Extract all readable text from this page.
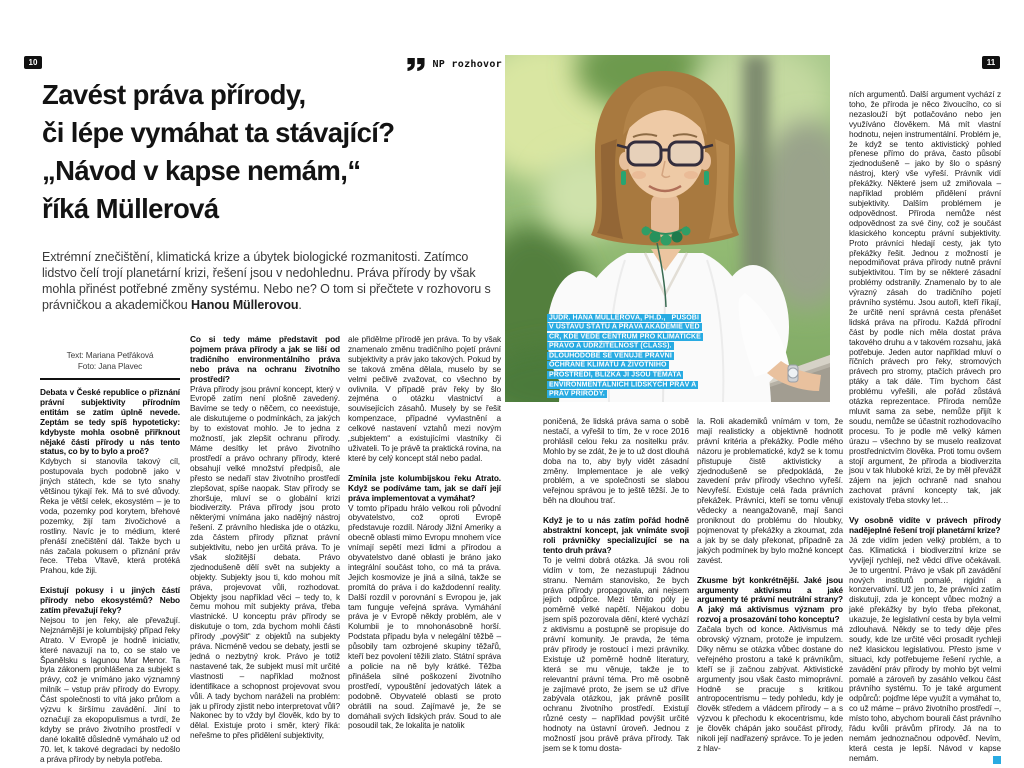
10	11
NP rozhovor
Zavést práva přírody,
či lépe vymáhat ta stávající?
„Návod v kapse nemám,“
říká Müllerová

Extrémní znečištění, klimatická krize a úbytek biologické rozmanitosti. Zatímco lidstvo čelí trojí planetární krizi, řešení jsou v nedohlednu. Práva přírody by však mohla přinést potřebné změny systému. Nebo ne? O tom si přečtete v rozhovoru s právničkou a akademičkou Hanou Müllerovou.

Text: Mariana Petřáková
Foto: Jana Plavec

Debata v České republice o přiznání právní subjektivity přírodním entitám se zatím úplně nevede. Zeptám se tedy spíš hypoteticky: kdybyste mohla osobně přiřknout nějaké části přírody u nás tento status, co by to bylo a proč?

Kdybych si stanovila takový cíl, postupovala bych podobně jako v jiných státech, kde se tyto snahy většinou týkají řek. Má to své důvody. Řeka je větší celek, ekosystém – je to voda, pozemky pod korytem, břehové pozemky, žijí tam živočichové a rostliny. Navíc je to médium, které přenáší znečištění dál. Takže bych u nás začala pokusem o přiznání práv řece. Třeba Vltavě, která protéká Prahou, kde žiji.

Existují pokusy i u jiných částí přírody nebo ekosystémů? Nebo zatím převažují řeky?

Nejsou to jen řeky, ale převažují. Nejznámější je kolumbijský případ řeky Atrato. V Evropě je hodně iniciativ, které navazují na to, co se stalo ve Španělsku s lagunou Mar Menor. Ta byla zákonem prohlášena za subjekt s právy, což je vnímáno jako významný milník – vstup práv přírody do Evropy. Část společnosti to vítá jako průlom a výzvu k širšímu zavádění. Jiní to označují za ekopopulismus a tvrdí, že kdyby se právo životního prostředí v dané lokalitě důsledně vymáhalo už od 70. let, k takové degradaci by nedošlo a práva přírody by nebyla potřeba.

Co si tedy máme představit pod pojmem práva přírody a jak se liší od tradičního environmentálního práva nebo práva na ochranu životního prostředí?

Práva přírody jsou právní koncept, který v Evropě zatím není plošně zavedený. Bavíme se tedy o něčem, co neexistuje, ale diskutujeme o podmínkách, za jakých by to existovat mohlo. Je to jedna z možností, jak zlepšit ochranu přírody. Máme desítky let právo životního prostředí a právo ochrany přírody, které obsahují velké množství předpisů, ale přesto se nedaří stav životního prostředí zlepšovat, spíše naopak. Stav přírody se zhoršuje, mluví se o globální krizi biodiverzity. Práva přírody jsou proto některými vnímána jako nadějný nástroj řešení. Z právního hlediska jde o otázku, zda částem přírody přiznat právní subjektivitu, nebo jen určitá práva. To je však složitější debata. Právo zjednodušeně dělí svět na subjekty a objekty. Subjekty jsou ti, kdo mohou mít práva, projevovat vůli, rozhodovat. Objekty jsou například věci – tedy to, k čemu mohou mít subjekty práva, třeba vlastnické. U konceptu práv přírody se diskutuje o tom, zda bychom mohli části přírody „povýšit“ z objektů na subjekty práva. Nicméně vedou se debaty, jestli se jedná o nezbytný krok. Právo je totiž nastavené tak, že subjekt musí mít určité vlastnosti – například možnost identifikace a schopnost projevovat svou vůli. A tady bychom naráželi na problém: jak u přírody zjistit nebo interpretovat vůli? Nakonec by to vždy byl člověk, kdo by to dělal. Existuje proto i směr, který říká: neřešme to přes přidělení subjektivity,

ale přidělme přírodě jen práva. To by však znamenalo změnu tradičního pojetí právní subjektivity a práv jako takových. Pokud by se taková změna dělala, muselo by se velmi pečlivě zvažovat, co všechno by ovlivnila. V případě práv řeky by šlo zejména o otázku vlastnictví a souvisejících zásahů. Musely by se řešit kompenzace, případné vyvlastnění a celkové nastavení vztahů mezi novým „subjektem“ a existujícími vlastníky či uživateli. To je právě ta praktická rovina, na které by celý koncept stál nebo padal.

Zmínila jste kolumbijskou řeku Atrato. Když se podíváme tam, jak se daří její práva implementovat a vymáhat?

V tomto případu hrálo velkou roli původní obyvatelstvo, což oproti Evropě představuje rozdíl. Národy Jižní Ameriky a obecně oblasti mimo Evropu mnohem více vnímají sepětí mezi lidmi a přírodou a obyvatelstvo dané oblasti je bráno jako integrální součást toho, co má ta práva. Jejich kosmovize je jiná a silná, takže se promítá do práva i do každodenní reality. Další rozdíl v porovnání s Evropou je, jak tam funguje veřejná správa. Vymáhání práva je v Evropě někdy problém, ale v Kolumbii je to mnohonásobně horší. Podstata případu byla v nelegální těžbě – působily tam ozbrojené skupiny těžařů, kteří bez povolení těžili zlato. Státní správa a policie na ně byly krátké. Těžba přinášela silné poškození životního prostředí, vypouštění jedovatých látek a podobně. Obyvatelé oblasti se proto obrátili na soud. Zajímavé je, že se domáhali svých lidských práv. Soud to ale posoudil tak, že lokalita je natolik

JUDR. HANA MÜLLEROVÁ, PH.D., PŮSOBÍ V ÚSTAVU STÁTU A PRÁVA AKADEMIE VĚD ČR, KDE VEDE CENTRUM PRO KLIMATICKÉ PRÁVO A UDRŽITELNOST (CLASS). DLOUHODOBĚ SE VĚNUJE PRÁVNÍ OCHRANĚ KLIMATU A ŽIVOTNÍHO PROSTŘEDÍ, BLÍZKÁ JÍ JSOU TÉMATA ENVIRONMENTÁLNÍCH LIDSKÝCH PRÁV A PRÁV PŘÍRODY.

poničená, že lidská práva sama o sobě nestačí, a vyřešil to tím, že v roce 2016 prohlásil celou řeku za nositelku práv. Mohlo by se zdát, že je to už dost dlouhá doba na to, aby byly vidět zásadní změny. Implementace je ale velký problém, a ve společnosti se slabou veřejnou správou je to ještě těžší. Je to běh na dlouhou trať.

Když je to u nás zatím pořád hodně abstraktní koncept, jak vnímáte svoji roli právničky specializující se na tento druh práva?

To je velmi dobrá otázka. Já svou roli vidím v tom, že nezastupuji žádnou stranu. Nemám stanovisko, že bych práva přírody propagovala, ani nejsem jejich odpůrce. Mezi těmito póly je poměrně velké napětí. Nějakou dobu jsem spíš pozorovala dění, které vychází z aktivismu a postupně se propisuje do právní komunity. Je pravda, že téma práv přírody je rostoucí i mezi právníky. Existuje už poměrně hodně literatury, která se mu věnuje, takže je to relevantní právní téma. Pro mě osobně je zajímavé proto, že jsem se už dříve zabývala otázkou, jak právně posílit ochranu životního prostředí. Existují různé cesty – například povýšit určité hodnoty na ústavní úroveň. Jednou z možností jsou právě práva přírody. Tak jsem se k tomu dosta-

la. Roli akademiků vnímám v tom, že mají realisticky a objektivně hodnotit právní kritéria a překážky. Podle mého názoru je problematické, když se k tomu přistupuje čistě aktivisticky a zjednodušeně se předpokládá, že zavedení práv přírody všechno vyřeší. Nevyřeší. Existuje celá řada právních překážek. Právníci, kteří se tomu věnují vědecky a neangažovaně, mají šanci proniknout do problému do hloubky, pojmenovat ty překážky a zkoumat, zda a jak by se daly překonat, případně za jakých podmínek by bylo možné koncept zavést.

Zkusme být konkrétnější. Jaké jsou argumenty aktivismu a jaké argumenty té právní neutrální strany? A jaký má aktivismus význam pro rozvoj a prosazování toho konceptu?

Začala bych od konce. Aktivismus má obrovský význam, protože je impulzem. Díky němu se otázka vůbec dostane do veřejného prostoru a také k právníkům, kteří se jí začnou zabývat. Aktivistické argumenty jsou však často mimoprávní. Hodně se pracuje s kritikou antropocentrismu – tedy pohledu, kdy je člověk středem a vládcem přírody – a s výzvou k přechodu k ekocentrismu, kde je člověk chápán jako součást přírody, nikoli její nadřazený správce. To je jeden z hlav-

ních argumentů. Další argument vychází z toho, že příroda je něco živoucího, co si nezaslouží být potlačováno nebo jen využíváno člověkem. Má mít vlastní hodnotu, nejen instrumentální. Problém je, že když se tento aktivistický pohled přenese přímo do práva, často působí zjednodušeně – jako by šlo o spásný nástroj, který vše vyřeší. Právník vidí překážky. Některé jsem už zmiňovala – například problém přidělení právní subjektivity. Dalším problémem je odpovědnost. Příroda nemůže nést odpovědnost za své činy, což je součást klasického konceptu právní subjektivity. Proto právníci hledají cesty, jak tyto překážky řešit. Jednou z možností je nepodmiňovat práva přírody nutně právní subjektivitou. Tím by se některé zásadní problémy odstranily. Znamenalo by to ale výrazný zásah do tradičního pojetí právního systému. Jsou autoři, kteří říkají, že určitě není správná cesta přenášet lidská práva na přírodu. Každá přírodní část by podle nich měla dostat práva takového druhu a v takovém rozsahu, jaká potřebuje. Jeden autor například mluví o říčních právech pro řeky, stromových právech pro stromy, ptačích právech pro ptáky a tak dále. Tím bychom část problému vyřešili, ale pořád zůstává otázka reprezentace. Příroda nemůže mluvit sama za sebe, nemůže přijít k soudu, nemůže se účastnit rozhodovacího procesu. To je podle mě velký kámen úrazu – všechno by se muselo realizovat prostřednictvím člověka. Proti tomu ovšem stojí argument, že příroda a biodiverzita jsou v tak hluboké krizi, že by měl převážit zájem na jejich ochraně nad snahou zachovat právní koncepty tak, jak existovaly třeba stovky let…

Vy osobně vidíte v právech přírody nadějeplné řešení trojí planetární krize?

Já zde vidím jeden velký problém, a to čas. Klimatická i biodiverzitní krize se vyvíjejí rychleji, než vědci dříve očekávali. Je to urgentní. Právo je však při zavádění nových institutů pomalé, rigidní a konzervativní. Už jen to, že právníci zatím diskutují, zda je koncept vůbec možný a jaké překážky by bylo třeba překonat, ukazuje, že legislativní cesta by byla velmi zdlouhavá. Někdy se to tedy děje přes soudy, kde lze určité věci prosadit rychleji než klasickou legislativou. Přesto jsme v situaci, kdy potřebujeme řešení rychle, a zavádění práv přírody by mohlo být velmi pomalé a zároveň by zasáhlo velkou část právního systému. To je také argument odpůrců: pojďme lépe využít a vymáhat to, co už máme – právo životního prostředí –, místo toho, abychom bourali část právního řádu kvůli právům přírody. Já na to nemám jednoznačnou odpověď. Nevím, která cesta je lepší. Návod v kapse nemám.
